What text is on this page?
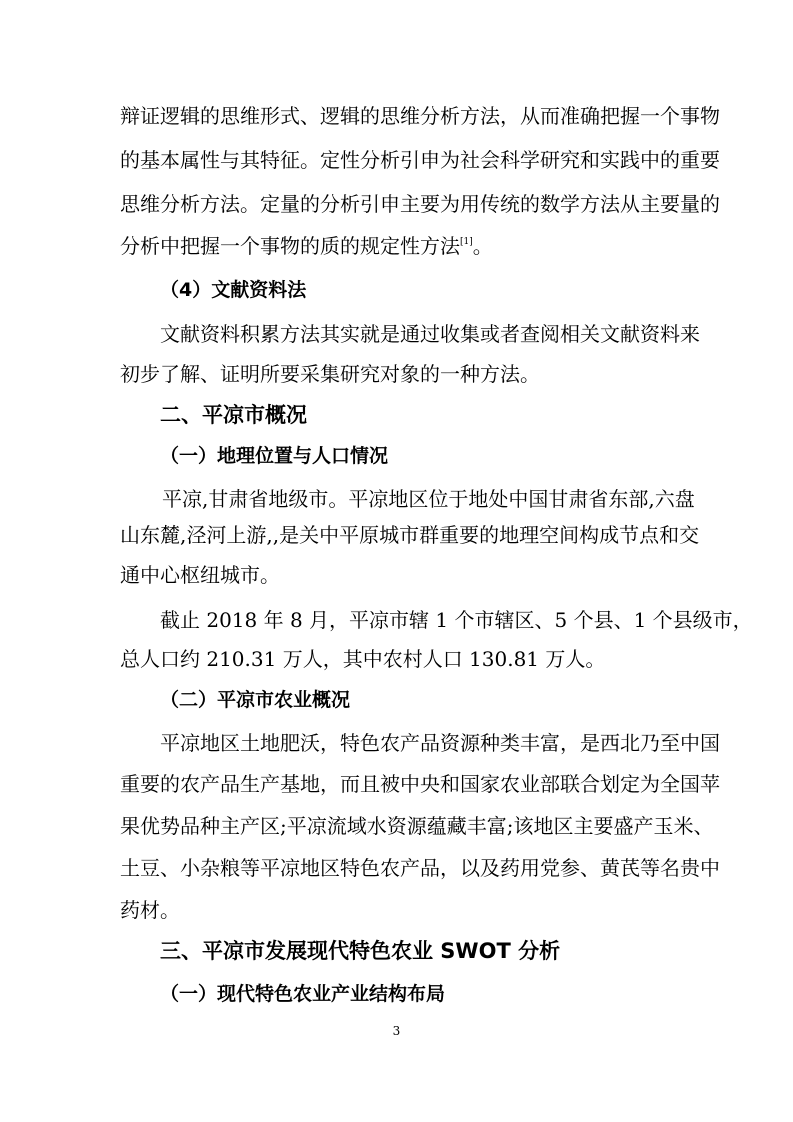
辩证逻辑的思维形式、逻辑的思维分析方法，从而准确把握一个事物

的基本属性与其特征。定性分析引申为社会科学研究和实践中的重要

思维分析方法。定量的分析引申主要为用传统的数学方法从主要量的

分析中把握一个事物的质的规定性方法[1]。

（4）文献资料法

文献资料积累方法其实就是通过收集或者查阅相关文献资料来

初步了解、证明所要采集研究对象的一种方法。

二、平凉市概况

（一）地理位置与人口情况

平凉,甘肃省地级市。平凉地区位于地处中国甘肃省东部,六盘

山东麓,泾河上游,,是关中平原城市群重要的地理空间构成节点和交

通中心枢纽城市。

截止 2018 年 8 月，平凉市辖 1 个市辖区、5 个县、1 个县级市，

总人口约 210.31 万人，其中农村人口 130.81 万人。

（二）平凉市农业概况

平凉地区土地肥沃，特色农产品资源种类丰富，是西北乃至中国

重要的农产品生产基地，而且被中央和国家农业部联合划定为全国苹

果优势品种主产区;平凉流域水资源蕴藏丰富;该地区主要盛产玉米、

土豆、小杂粮等平凉地区特色农产品，以及药用党参、黄芪等名贵中

药材。

三、平凉市发展现代特色农业 SWOT 分析

（一）现代特色农业产业结构布局

3
